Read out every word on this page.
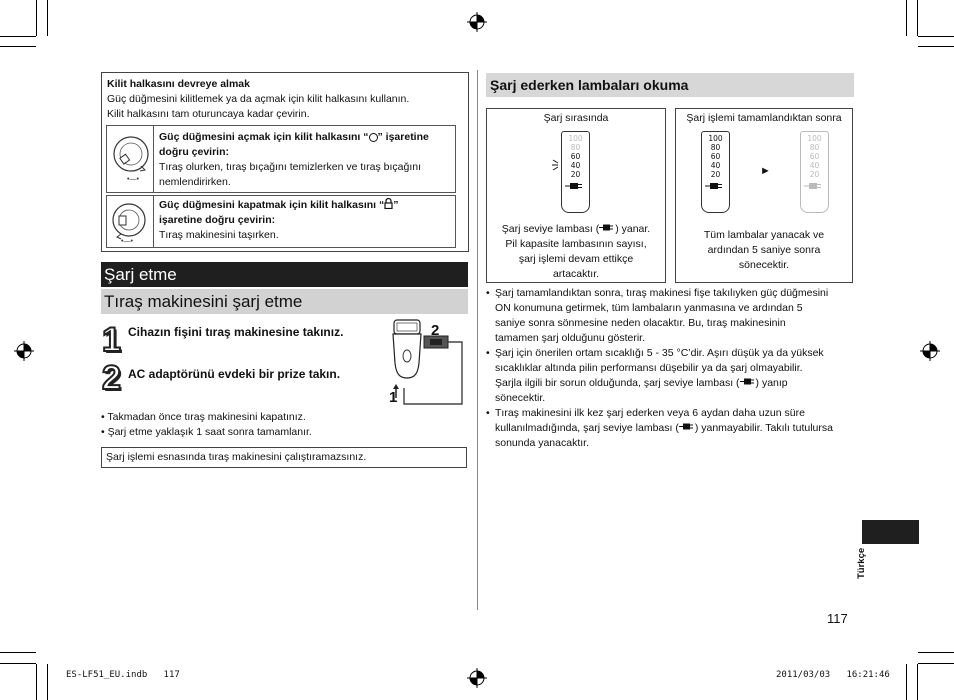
Kilit halkasını devreye almak
Güç düğmesini kilitlemek ya da açmak için kilit halkasını kullanın.
Kilit halkasını tam oturuncaya kadar çevirin.
•—•
Güç düğmesini açmak için kilit halkasını “ ” işaretine
doğru çevirin:
Tıraş olurken, tıraş bıçağını temizlerken ve tıraş bıçağını
nemlendirirken.
•—•
Güç düğmesini kapatmak için kilit halkasını “ ”
işaretine doğru çevirin:
Tıraş makinesini taşırken.
Şarj etme
Tıraş makinesini şarj etme
1 Cihazın fişini tıraş makinesine takınız.
2 AC adaptörünü evdeki bir prize takın.
2
1
• Takmadan önce tıraş makinesini kapatınız.
• Şarj etme yaklaşık 1 saat sonra tamamlanır.
Şarj işlemi esnasında tıraş makinesini çalıştıramazsınız.
Şarj ederken lambaları okuma
Şarj sırasında
100
80
60
40
20
Şarj seviye lambası ( ) yanar.
Pil kapasite lambasının sayısı,
şarj işlemi devam ettikçe
artacaktır.
Şarj işlemi tamamlandıktan sonra
100
80
60
40
20	►
100
80
60
40
20
Tüm lambalar yanacak ve
ardından 5 saniye sonra
sönecektir.
• Şarj tamamlandıktan sonra, tıraş makinesi fişe takılıyken güç düğmesini
ON konumuna getirmek, tüm lambaların yanmasına ve ardından 5
saniye sonra sönmesine neden olacaktır. Bu, tıraş makinesinin
tamamen şarj olduğunu gösterir.
• Şarj için önerilen ortam sıcaklığı 5 - 35 °C’dir. Aşırı düşük ya da yüksek
sıcaklıklar altında pilin performansı düşebilir ya da şarj olmayabilir.
Şarjla ilgili bir sorun olduğunda, şarj seviye lambası ( ) yanıp
sönecektir.
• Tıraş makinesini ilk kez şarj ederken veya 6 aydan daha uzun süre
kullanılmadığında, şarj seviye lambası ( ) yanmayabilir. Takılı tutulursa
sonunda yanacaktır.
Türkçe
117
ES-LF51_EU.indb   117	2011/03/03   16:21:46
